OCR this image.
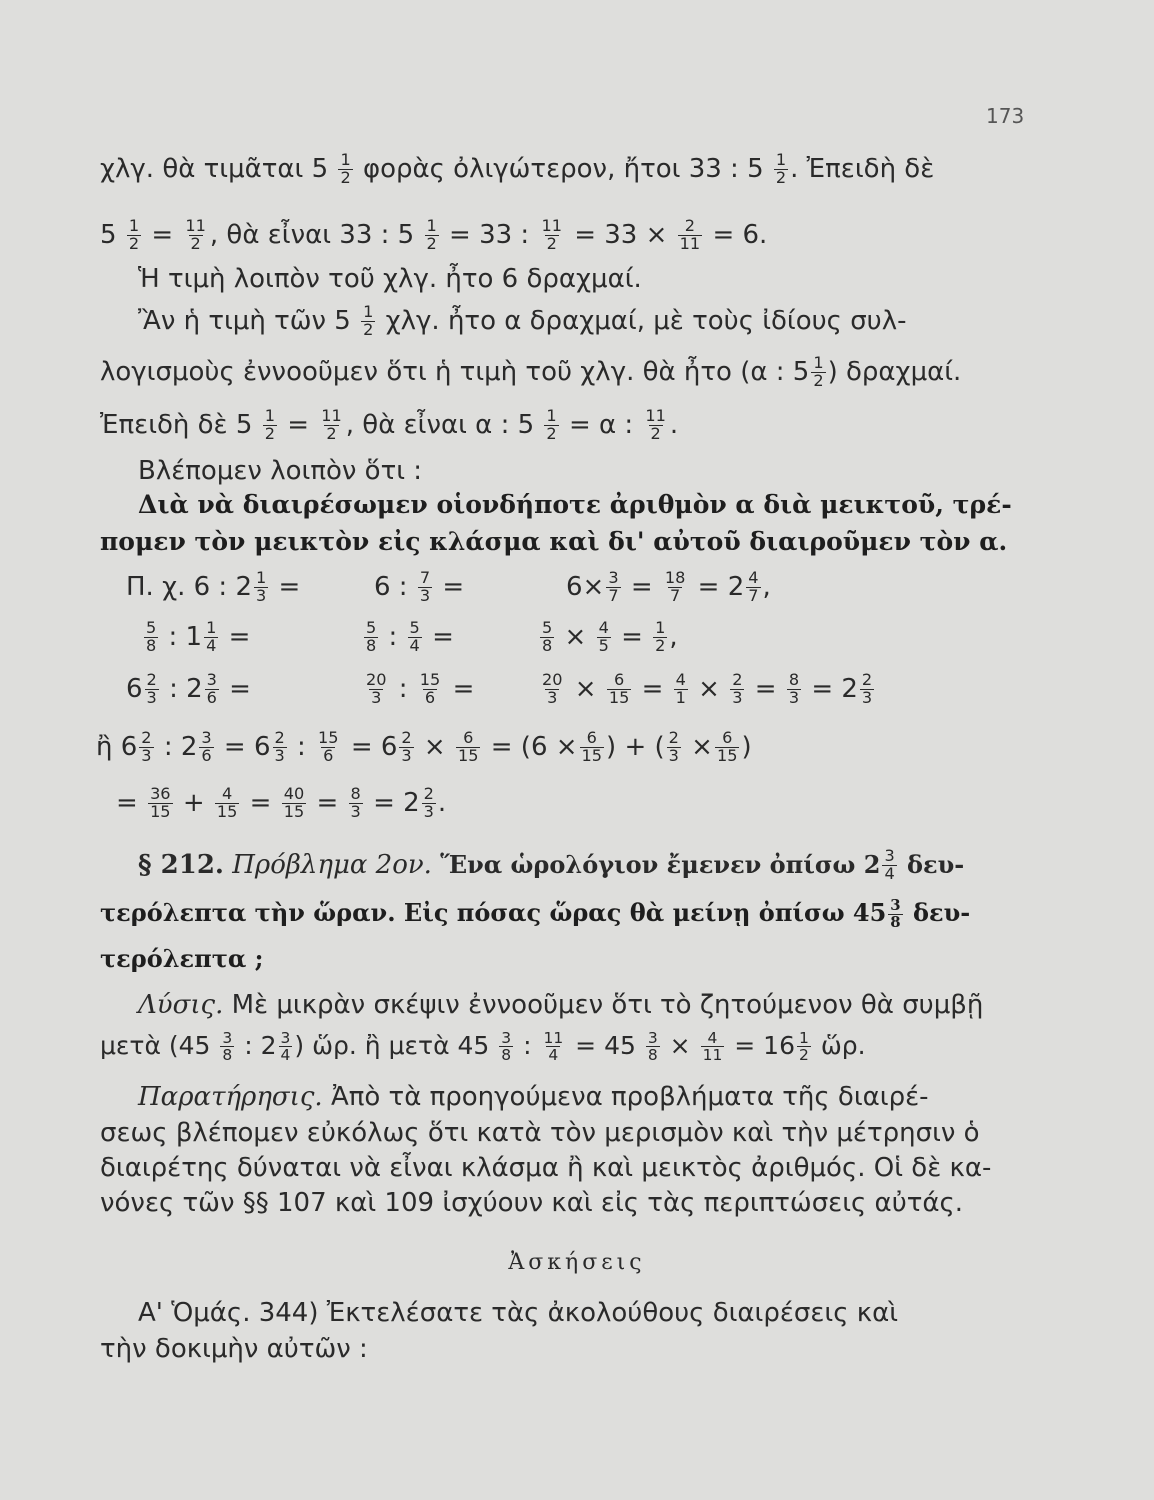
173
χλγ. θὰ τιμᾶται $5 \frac{1}{2}$ φορὰς ὀλιγώτερον, ἤτοι 33 : $5 \frac{1}{2}$ . Ἐπειδὴ δὲ
$5 \frac{1}{2} = \frac{11}{2}$ , θὰ εἶναι 33 : $5 \frac{1}{2} = 33$ : $\frac{11}{2} = 33 \times \frac{2}{11} = 6$.
Ἡ τιμὴ λοιπὸν τοῦ χλγ. ἦτο 6 δραχμαί.
Ἂν ἡ τιμὴ τῶν $5 \frac{1}{2} \chi\lambda\gamma$. ἦτο α δραχμαί, μὲ τοὺς ἰδίους συλ-
λογισμοὺς ἐννοοῦμεν ὅτι ἡ τιμὴ τοῦ χλγ. θὰ ἦτο (α : $5 \frac{1}{2}$ ) δραχμαί.
Ἐπειδὴ δὲ $5 \frac{1}{2} = \frac{11}{2}$ , θὰ εἶναι α : $5 \frac{1}{2} = \alpha$ : $\frac{11}{2}$ .
Βλέπομεν λοιπὸν ὅτι :
Διὰ νὰ διαιρέσωμεν οἱονδήποτε ἀριθμὸν α διὰ μεικτοῦ, τρέ-
πομεν τὸν μεικτὸν εἰς κλάσμα καὶ δι' αὐτοῦ διαιροῦμεν τὸν α.
Π. χ. 6 : $2 \frac{1}{3}$ =	6 : $\frac{7}{3}$ =	$6\times \frac{3}{7} = \frac{18}{7} = 2 \frac{4}{7}$ ,
$\frac{5}{8}$ : $1 \frac{1}{4}$ =	$\frac{5}{8}$ : $\frac{5}{4}$ =	$\frac{5}{8} \times \frac{4}{5} = \frac{1}{2}$ ,
$6 \frac{2}{3}$ : $2 \frac{3}{6}$ =	$\frac{20}{3}$ : $\frac{15}{6}$ =	$\frac{20}{3} \times \frac{6}{15} = \frac{4}{1} \times \frac{2}{3} = \frac{8}{3} = 2 \frac{2}{3}$
ἢ $6 \frac{2}{3}$ : $2 \frac{3}{6} = 6 \frac{2}{3}$ : $\frac{15}{6} = 6 \frac{2}{3} \times \frac{6}{15} = (6 \times \frac{6}{15}$ ) + ( $\frac{2}{3} \times \frac{6}{15}$ )
= $\frac{36}{15} + \frac{4}{15} = \frac{40}{15} = \frac{8}{3} = 2 \frac{2}{3}$ .
§ 212. Πρόβλημα 2ον. Ἕνα ὡρολόγιον ἔμενεν ὀπίσω $2 \frac{3}{4} \delta\varepsilon\upsilon-$
τερόλεπτα τὴν ὥραν. Εἰς πόσας ὥρας θὰ μείνῃ ὀπίσω $45 \frac{3}{8} \delta\varepsilon\upsilon-$
τερόλεπτα ;
Λύσις. Μὲ μικρὰν σκέψιν ἐννοοῦμεν ὅτι τὸ ζητούμενον θὰ συμβῇ
μετὰ ($45 \frac{3}{8}$ : $2 \frac{3}{4}$ ) ὥρ. ἢ μετὰ $45 \frac{3}{8}$ : $\frac{11}{4} = 45 \frac{3}{8} \times \frac{4}{11} = 16 \frac{1}{2}$ ὥρ.
Παρατήρησις. Ἀπὸ τὰ προηγούμενα προβλήματα τῆς διαιρέ-
σεως βλέπομεν εὐκόλως ὅτι κατὰ τὸν μερισμὸν καὶ τὴν μέτρησιν ὁ
διαιρέτης δύναται νὰ εἶναι κλάσμα ἢ καὶ μεικτὸς ἀριθμός. Οἱ δὲ κα-
νόνες τῶν §§ 107 καὶ 109 ἰσχύουν καὶ εἰς τὰς περιπτώσεις αὐτάς.
Ἀσκήσεις
Α' Ὁμάς. 344) Ἐκτελέσατε τὰς ἀκολούθους διαιρέσεις καὶ
τὴν δοκιμὴν αὐτῶν :
